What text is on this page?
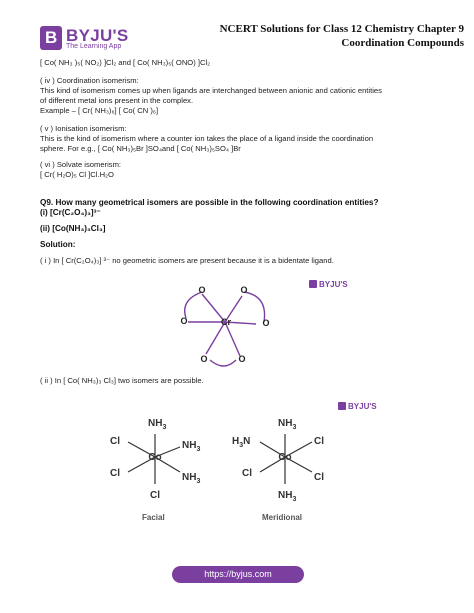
B BYJU'S
The Learning App
NCERT Solutions for Class 12 Chemistry Chapter 9
Coordination Compounds
[ Co( NH₃ )₅( NO₂) ]Cl₂ and [ Co( NH₃)₅( ONO) ]Cl₂
( iv ) Coordination isomerism:
This kind of isomerism comes up when ligands are interchanged between anionic and cationic entities
of different metal ions present in the complex.
Example – [ Cr( NH₃)₆] [ Co( CN )₆]
( v ) Ionisation isomerism:
This is the kind of isomerism where a counter ion takes the place of a ligand inside the coordination
sphere. For e.g., [ Co( NH₃)₅Br ]SO₄and [ Co( NH₃)₅SO₄ ]Br
( vi ) Solvate isomerism:
[ Cr( H₂O)₅ Cl ]Cl.H₂O
Q9. How many geometrical isomers are possible in the following coordination entities?
(i) [Cr(C₂O₄)₃]³⁻
(ii) [Co(NH₃)₃Cl₃]
Solution:
( i ) In [ Cr(C₂O₄)₃] ³⁻ no geometric isomers are present because it is a bidentate ligand.
BYJU'S
Cr
O	O
O	O
O	O
( ii ) In [ Co( NH₃)₃ Cl₃] two isomers are possible.
BYJU'S
Co
$NH_3$
Cl
Cl
$NH_3$
$NH_3$
Cl
Facial
Co
$NH_3$
$H_3N$	Cl
Cl	Cl
$NH_3$
Meridional
https://byjus.com
